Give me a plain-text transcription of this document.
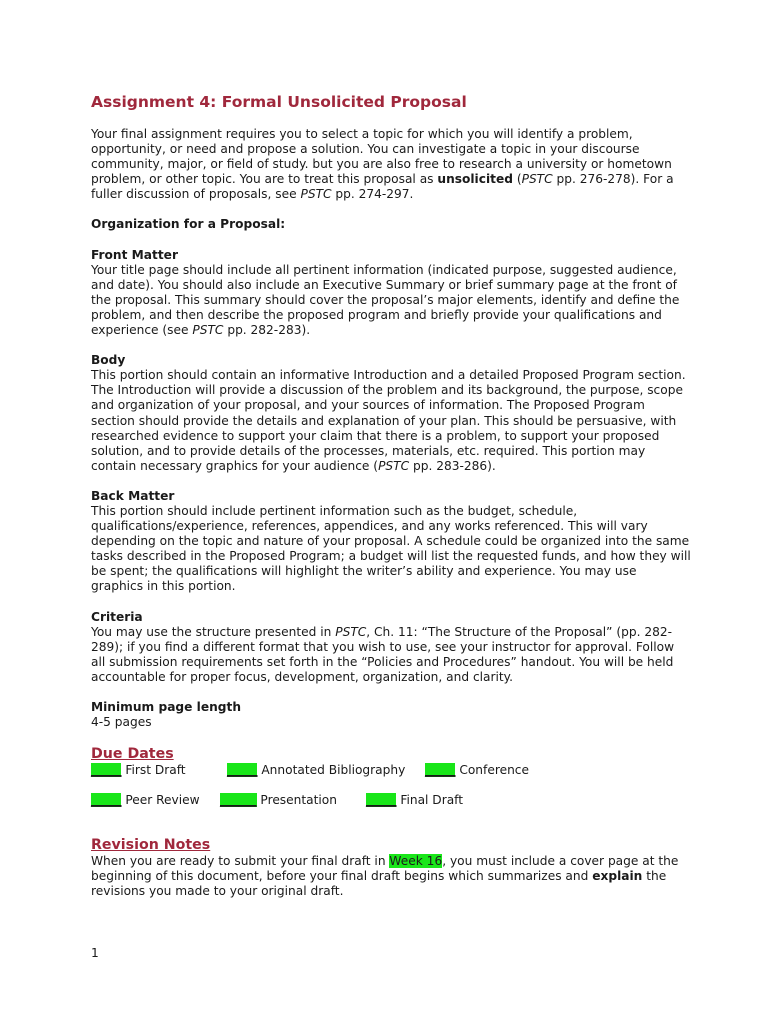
Assignment 4: Formal Unsolicited Proposal

Your final assignment requires you to select a topic for which you will identify a problem, opportunity, or need and propose a solution. You can investigate a topic in your discourse community, major, or field of study. but you are also free to research a university or hometown problem, or other topic. You are to treat this proposal as unsolicited (PSTC pp. 276-278). For a fuller discussion of proposals, see PSTC pp. 274-297.

Organization for a Proposal:

Front Matter

Your title page should include all pertinent information (indicated purpose, suggested audience, and date). You should also include an Executive Summary or brief summary page at the front of the proposal. This summary should cover the proposal’s major elements, identify and define the problem, and then describe the proposed program and briefly provide your qualifications and experience (see PSTC pp. 282-283).

Body

This portion should contain an informative Introduction and a detailed Proposed Program section. The Introduction will provide a discussion of the problem and its background, the purpose, scope and organization of your proposal, and your sources of information. The Proposed Program section should provide the details and explanation of your plan. This should be persuasive, with researched evidence to support your claim that there is a problem, to support your proposed solution, and to provide details of the processes, materials, etc. required. This portion may contain necessary graphics for your audience (PSTC pp. 283-286).

Back Matter

This portion should include pertinent information such as the budget, schedule, qualifications/experience, references, appendices, and any works referenced. This will vary depending on the topic and nature of your proposal. A schedule could be organized into the same tasks described in the Proposed Program; a budget will list the requested funds, and how they will be spent; the qualifications will highlight the writer’s ability and experience. You may use graphics in this portion.

Criteria

You may use the structure presented in PSTC, Ch. 11: “The Structure of the Proposal” (pp. 282-289); if you find a different format that you wish to use, see your instructor for approval. Follow all submission requirements set forth in the “Policies and Procedures” handout. You will be held accountable for proper focus, development, organization, and clarity.

Minimum page length

4-5 pages

Due Dates

_____ First Draft	_____ Annotated Bibliography _____ Conference
_____ Peer Review ______ Presentation _____ Final Draft

Revision Notes

When you are ready to submit your final draft in Week 16, you must include a cover page at the beginning of this document, before your final draft begins which summarizes and explain the revisions you made to your original draft.

1
